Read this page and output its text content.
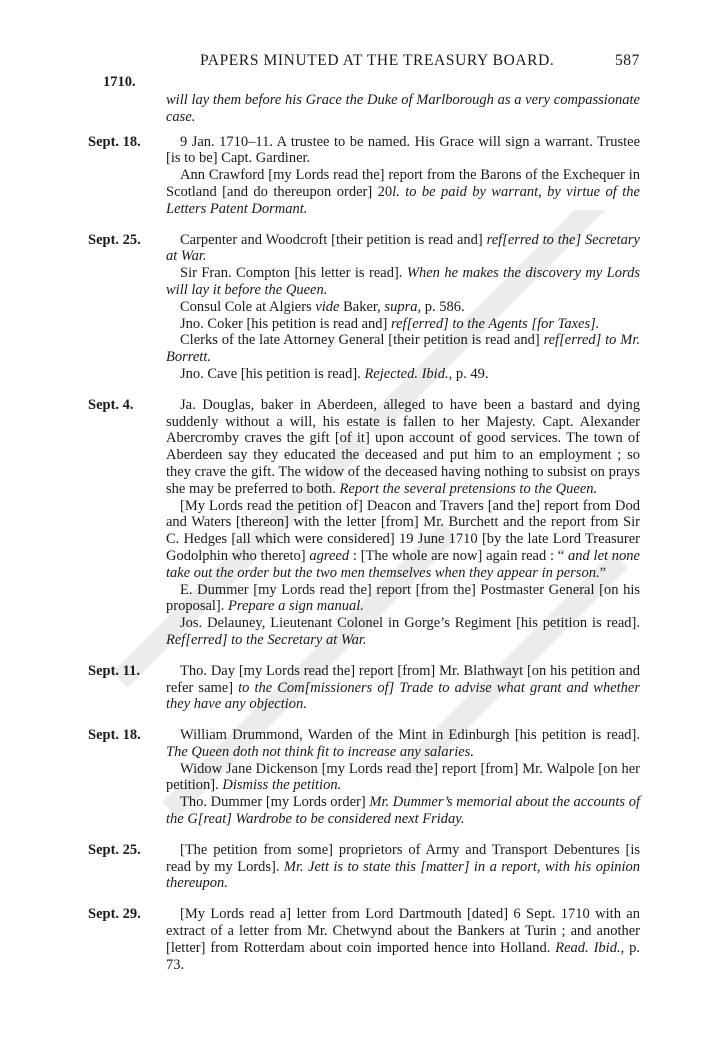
PAPERS MINUTED AT THE TREASURY BOARD.	587
1710.

will lay them before his Grace the Duke of Marlborough as a very compassionate case.

Sept. 18.	9 Jan. 1710–11. A trustee to be named. His Grace will sign a warrant. Trustee [is to be] Capt. Gardiner.

Ann Crawford [my Lords read the] report from the Barons of the Exchequer in Scotland [and do thereupon order] 20l. to be paid by warrant, by virtue of the Letters Patent Dormant.

Sept. 25.	Carpenter and Woodcroft [their petition is read and] ref[erred to the] Secretary at War.

Sir Fran. Compton [his letter is read]. When he makes the discovery my Lords will lay it before the Queen.

Consul Cole at Algiers vide Baker, supra, p. 586.

Jno. Coker [his petition is read and] ref[erred] to the Agents [for Taxes].

Clerks of the late Attorney General [their petition is read and] ref[erred] to Mr. Borrett.

Jno. Cave [his petition is read]. Rejected. Ibid., p. 49.

Sept. 4.	Ja. Douglas, baker in Aberdeen, alleged to have been a bastard and dying suddenly without a will, his estate is fallen to her Majesty. Capt. Alexander Abercromby craves the gift [of it] upon account of good services. The town of Aberdeen say they educated the deceased and put him to an employment ; so they crave the gift. The widow of the deceased having nothing to subsist on prays she may be preferred to both. Report the several pretensions to the Queen.

[My Lords read the petition of] Deacon and Travers [and the] report from Dod and Waters [thereon] with the letter [from] Mr. Burchett and the report from Sir C. Hedges [all which were considered] 19 June 1710 [by the late Lord Treasurer Godolphin who thereto] agreed : [The whole are now] again read : “ and let none take out the order but the two men themselves when they appear in person.”

E. Dummer [my Lords read the] report [from the] Postmaster General [on his proposal]. Prepare a sign manual.

Jos. Delauney, Lieutenant Colonel in Gorge’s Regiment [his petition is read]. Ref[erred] to the Secretary at War.

Sept. 11.	Tho. Day [my Lords read the] report [from] Mr. Blathwayt [on his petition and refer same] to the Com[missioners of] Trade to advise what grant and whether they have any objection.

Sept. 18.	William Drummond, Warden of the Mint in Edinburgh [his petition is read]. The Queen doth not think fit to increase any salaries.

Widow Jane Dickenson [my Lords read the] report [from] Mr. Walpole [on her petition]. Dismiss the petition.

Tho. Dummer [my Lords order] Mr. Dummer’s memorial about the accounts of the G[reat] Wardrobe to be considered next Friday.

Sept. 25.	[The petition from some] proprietors of Army and Transport Debentures [is read by my Lords]. Mr. Jett is to state this [matter] in a report, with his opinion thereupon.

Sept. 29.	[My Lords read a] letter from Lord Dartmouth [dated] 6 Sept. 1710 with an extract of a letter from Mr. Chetwynd about the Bankers at Turin ; and another [letter] from Rotterdam about coin imported hence into Holland. Read. Ibid., p. 73.
